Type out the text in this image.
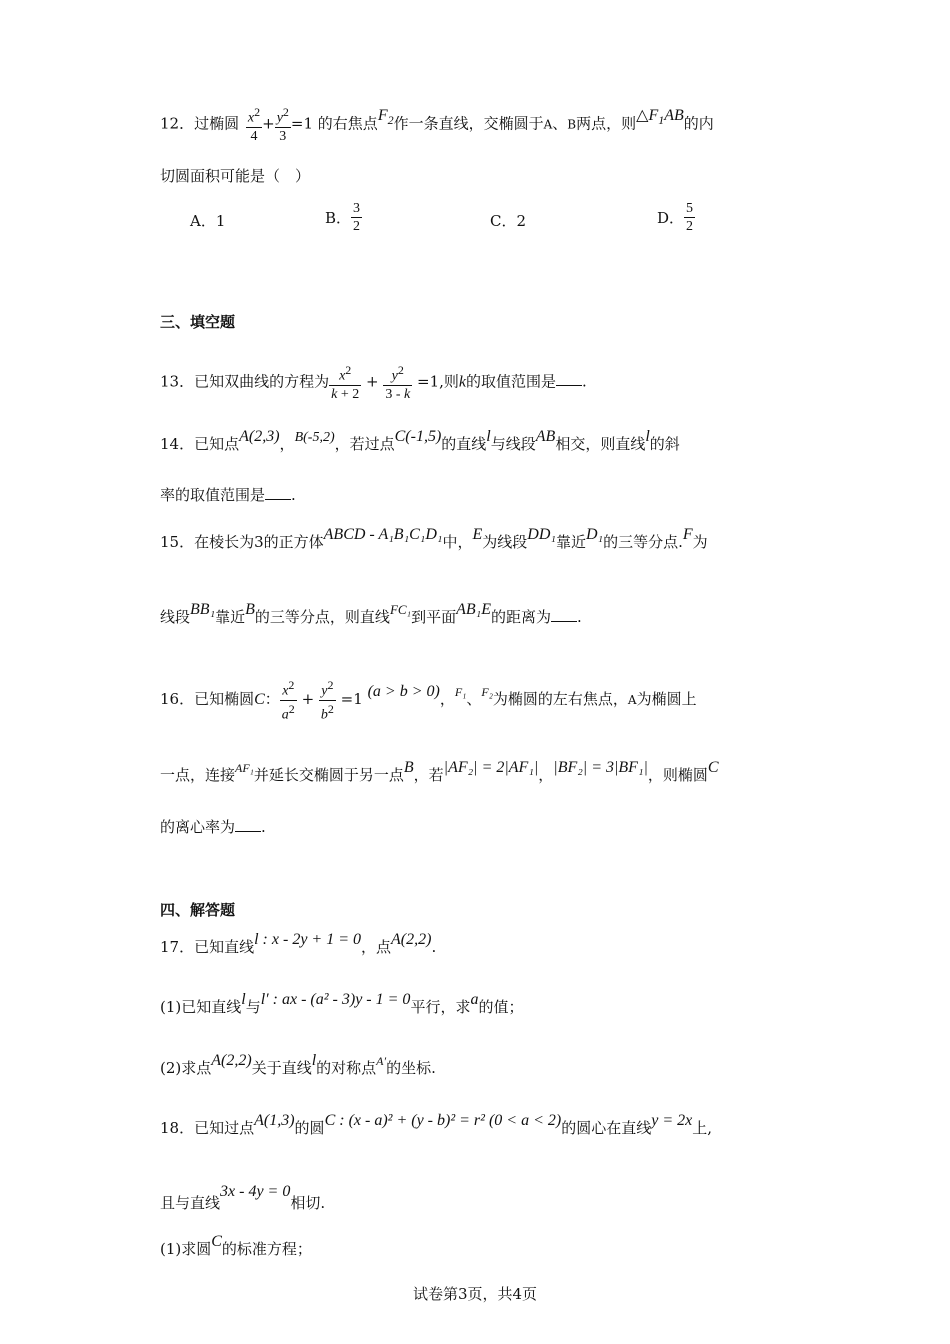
12．过椭圆 $\frac{x^2}{4} + \frac{y^2}{3} =1$ 的右焦点$F_2$作一条直线，交椭圆于A、B两点，则$\triangle F_1AB$的内
切圆面积可能是（　）
A．1	B． $\frac{3}{2}$	C．2	D． $\frac{5}{2}$
三、填空题
13．已知双曲线的方程为 $\frac{x^2}{k + 2} + \frac{y^2}{3 - k} =1$,则k的取值范围是 .
14．已知点A(2,3)，B(-5,2)，若过点C(-1,5)的直线l与线段AB相交，则直线l的斜
率的取值范围是 .
15．在棱长为3的正方体ABCD - A₁B₁C₁D₁中，E为线段DD₁靠近D₁的三等分点.F为
线段BB₁靠近B的三等分点，则直线FC₁到平面AB₁E的距离为 .
16．已知椭圆C： $\frac{x^2}{a^2} + \frac{y^2}{b^2} =1$ (a > b > 0)，$^{F_1}$、$^{F_2}$为椭圆的左右焦点，A为椭圆上
一点，连接$^{AF_1}$并延长交椭圆于另一点B，若|AF₂| = 2|AF₁|，|BF₂| = 3|BF₁|，则椭圆C
的离心率为 .
四、解答题
17．已知直线l : x - 2y + 1 = 0，点A(2,2).
(1)已知直线l与l′ : ax - (a² - 3)y - 1 = 0平行，求a的值；
(2)求点A(2,2)关于直线l的对称点$^{A'}$的坐标.
18．已知过点A(1,3)的圆C : (x - a)² + (y - b)² = r² (0 < a < 2)的圆心在直线y = 2x上,
且与直线3x - 4y = 0相切.
(1)求圆C的标准方程；
试卷第3页，共4页
